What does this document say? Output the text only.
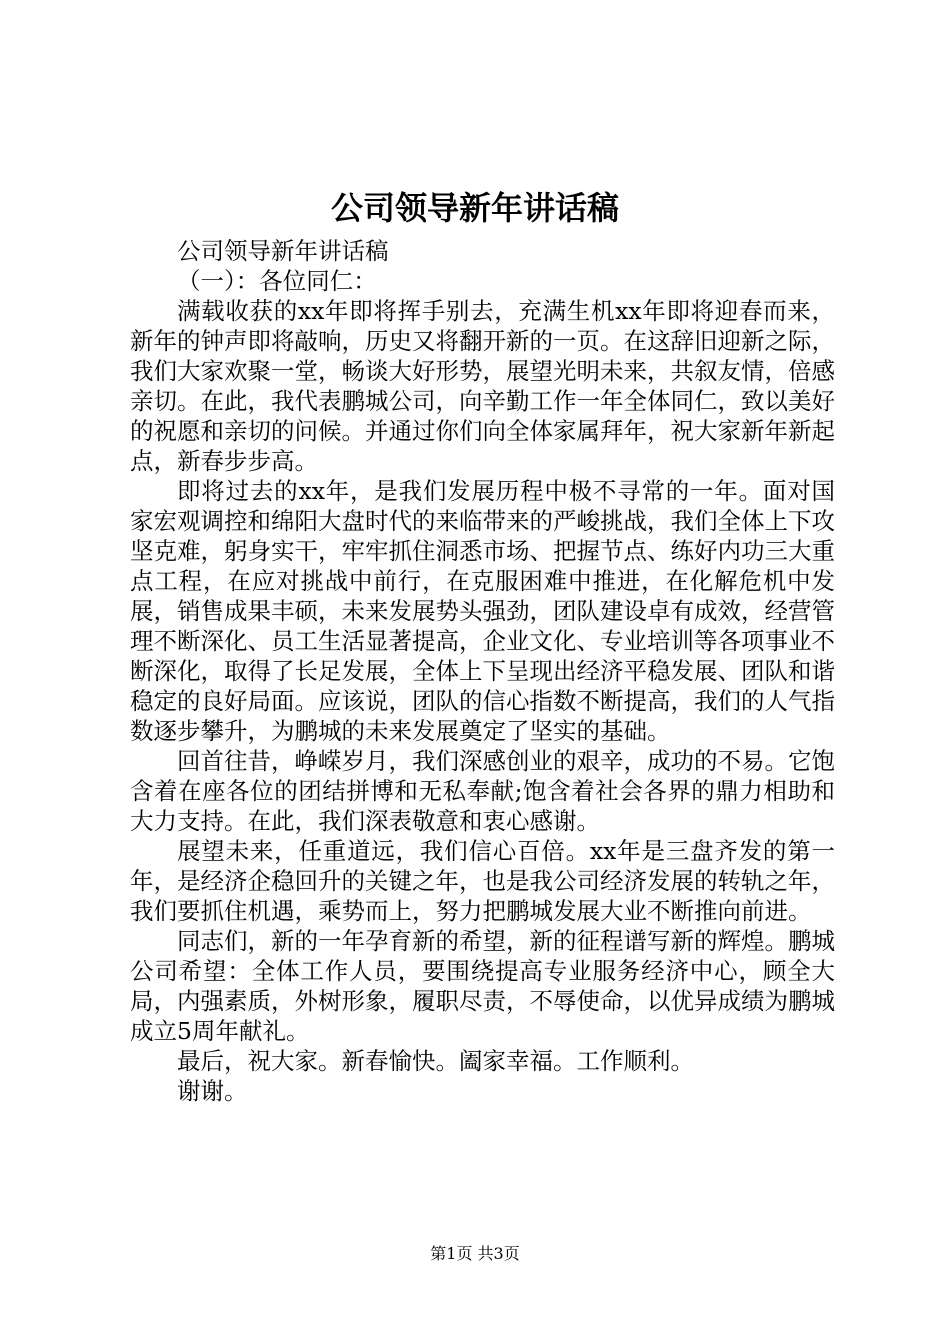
公司领导新年讲话稿

公司领导新年讲话稿

（一）：各位同仁：

满载收获的xx年即将挥手别去，充满生机xx年即将迎春而来，新年的钟声即将敲响，历史又将翻开新的一页。在这辞旧迎新之际，我们大家欢聚一堂，畅谈大好形势，展望光明未来，共叙友情，倍感亲切。在此，我代表鹏城公司，向辛勤工作一年全体同仁，致以美好的祝愿和亲切的问候。并通过你们向全体家属拜年，祝大家新年新起点，新春步步高。

即将过去的xx年，是我们发展历程中极不寻常的一年。面对国家宏观调控和绵阳大盘时代的来临带来的严峻挑战，我们全体上下攻坚克难，躬身实干，牢牢抓住洞悉市场、把握节点、练好内功三大重点工程，在应对挑战中前行，在克服困难中推进，在化解危机中发展，销售成果丰硕，未来发展势头强劲，团队建设卓有成效，经营管理不断深化、员工生活显著提高，企业文化、专业培训等各项事业不断深化，取得了长足发展，全体上下呈现出经济平稳发展、团队和谐稳定的良好局面。应该说，团队的信心指数不断提高，我们的人气指数逐步攀升，为鹏城的未来发展奠定了坚实的基础。

回首往昔，峥嵘岁月，我们深感创业的艰辛，成功的不易。它饱含着在座各位的团结拼博和无私奉献;饱含着社会各界的鼎力相助和大力支持。在此，我们深表敬意和衷心感谢。

展望未来，任重道远，我们信心百倍。xx年是三盘齐发的第一年，是经济企稳回升的关键之年，也是我公司经济发展的转轨之年，我们要抓住机遇，乘势而上，努力把鹏城发展大业不断推向前进。

同志们，新的一年孕育新的希望，新的征程谱写新的辉煌。鹏城公司希望：全体工作人员，要围绕提高专业服务经济中心，顾全大局，内强素质，外树形象，履职尽责，不辱使命，以优异成绩为鹏城成立5周年献礼。

最后，祝大家。新春愉快。阖家幸福。工作顺利。

谢谢。

第1页 共3页
